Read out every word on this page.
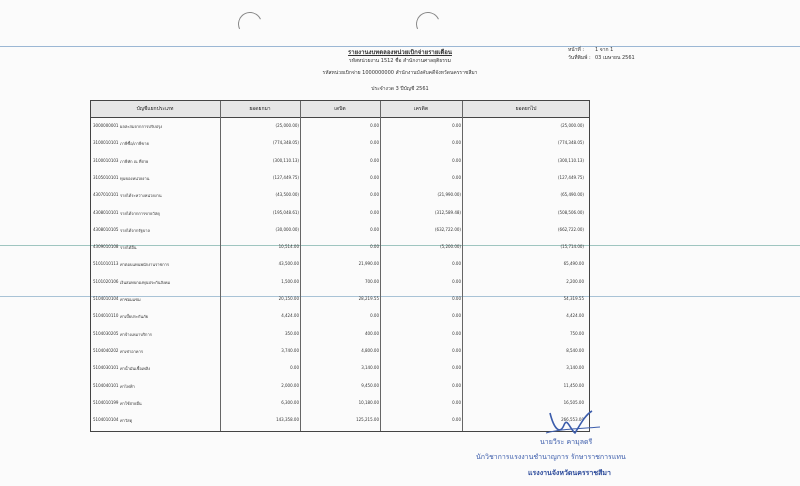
รายงานงบทดลองหน่วยเบิกจ่ายรายเดือน
รหัสหน่วยงาน 1512 ชื่อ สำนักงานศาลยุติธรรม
รหัสหน่วยเบิกจ่าย 1000000000 สำนักงานบังคับคดีจังหวัดนครราชสีมา
ประจำงวด 3 ปีบัญชี 2561
หน้าที่ : 1 จาก 1
วันที่พิมพ์ : 03 เมษายน 2561
บัญชีแยกประเภท	ยอดยกมา	เดบิต	เครดิต	ยอดยกไป
3000000001 ผลสะสมจากการปรับปรุง	(25,000.00)	0.00	0.00	(25,000.00)
3100010101 ภาษีซื้อ/ภาษีขาย	(774,348.05)	0.00	0.00	(774,348.05)
3100010103 ภาษีหัก ณ ที่จ่าย	(300,110.13)	0.00	0.00	(300,110.13)
3105010101 ทุนของหน่วยงาน	(127,449.75)	0.00	0.00	(127,449.75)
4307010101 รายได้ระหว่างหน่วยงาน	(43,500.00)	0.00	(21,990.00)	(65,490.00)
4308010101 รายได้จากการขายวัสดุ	(195,048.61)	0.00	(312,589.48)	(508,506.00)
4308010105 รายได้จากรัฐบาล	(30,000.00)	0.00	(632,722.00)	(662,722.00)
4309010108 รายได้อื่น	10,514.00	0.00	(5,200.00)	(15,714.00)
5101010113 ค่าตอบแทนพนักงานราชการ	43,500.00	21,990.00	0.00	65,490.00
5101020106 เงินสมทบกองทุนประกันสังคม	1,500.00	700.00	0.00	2,200.00
5104010104 ค่าซ่อมแซม	20,150.00	28,219.55	0.00	54,319.55
5104010110 ค่าเบี้ยประกันภัย	4,424.00	0.00	0.00	4,424.00
5104030205 ค่าจ้างเหมาบริการ	350.00	400.00	0.00	750.00
5104040202 ค่าเช่าอาคาร	3,740.00	4,800.00	0.00	8,540.00
5104030101 ค่าน้ำมันเชื้อเพลิง	0.00	3,140.00	0.00	3,140.00
5104040101 ค่าไฟฟ้า	2,000.00	9,450.00	0.00	11,450.00
5104010199 ค่าใช้จ่ายอื่น	6,300.00	10,180.00	0.00	16,505.00
5104010104 ค่าวัสดุ	143,358.00	125,215.00	0.00	266,553.00
นายวีระ คามุลดรี
นักวิชาการแรงงานชำนาญการ รักษาราชการแทน
แรงงานจังหวัดนครราชสีมา
